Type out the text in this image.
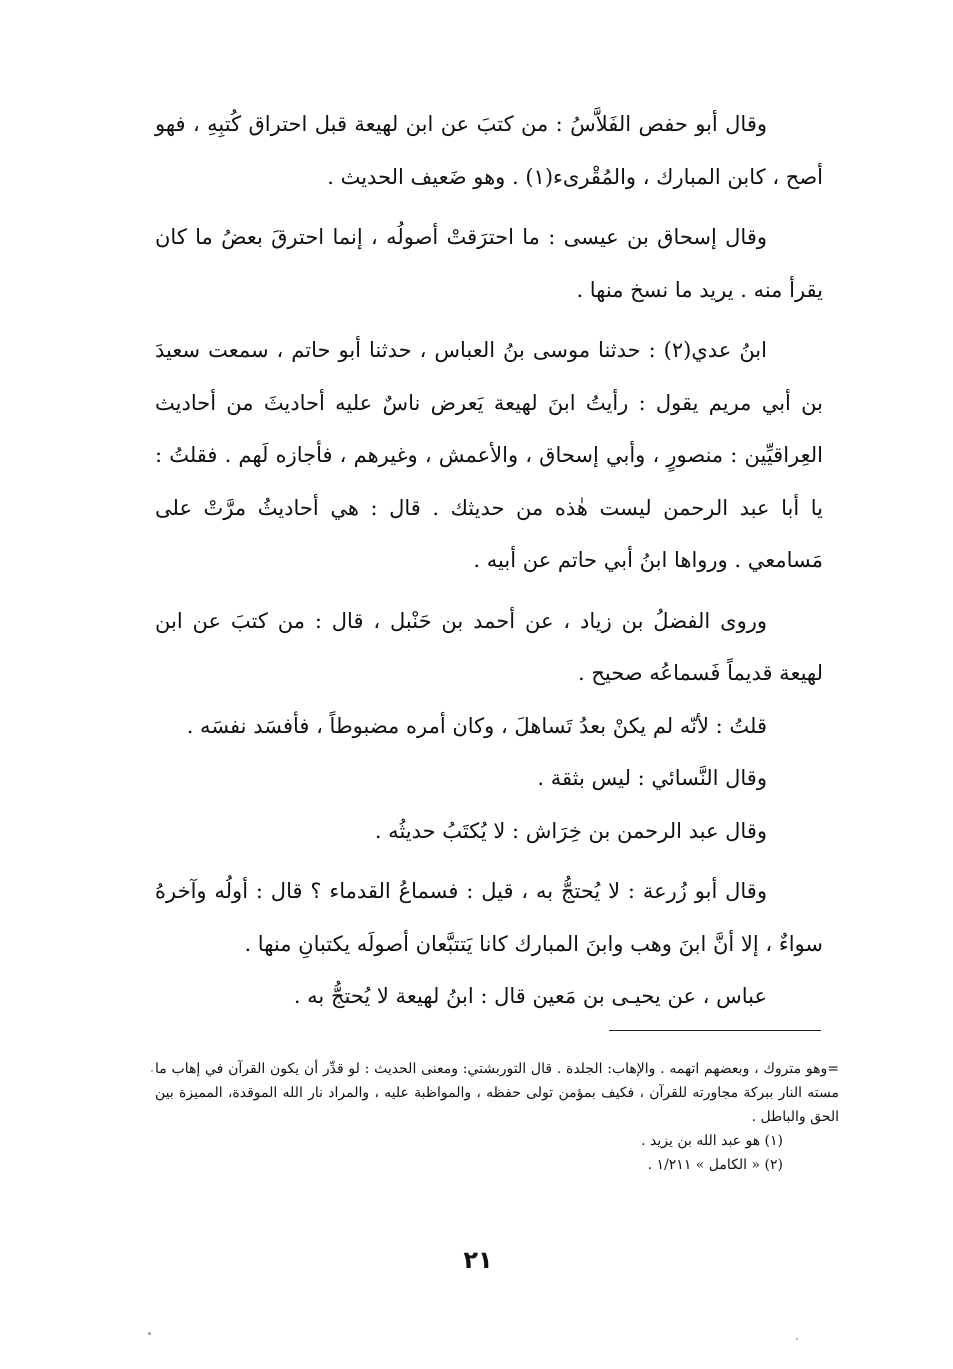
وقال أبو حفص الفَلاَّسُ : من كتبَ عن ابن لهيعة قبل احتراق كُتبِهِ ، فهو أصح ، كابن المبارك ، والمُقْرىء(١) . وهو ضَعيف الحديث .

وقال إسحاق بن عيسى : ما احترَقتْ أصولُه ، إنما احترقَ بعضُ ما كان يقرأ منه . يريد ما نسخ منها .

ابنُ عدي(٢) : حدثنا موسى بنُ العباس ، حدثنا أبو حاتم ، سمعت سعيدَ بن أبي مريم يقول : رأيتُ ابنَ لهيعة يَعرض ناسٌ عليه أحاديثَ من أحاديث العِراقيِّين : منصورٍ ، وأبي إسحاق ، والأعمش ، وغيرهم ، فأجازه لَهم . فقلتُ : يا أبا عبد الرحمن ليست هٰذه من حديثك . قال : هي أحاديثُ مرَّتْ على مَسامعي . ورواها ابنُ أبي حاتم عن أبيه .

وروى الفضلُ بن زياد ، عن أحمد بن حَنْبل ، قال : من كتبَ عن ابن لهيعة قديماً فَسماعُه صحيح .

قلتُ : لأنّه لم يكنْ بعدُ تَساهلَ ، وكان أمره مضبوطاً ، فأفسَد نفسَه .

وقال النَّسائي : ليس بثقة .

وقال عبد الرحمن بن خِرَاش : لا يُكتَبُ حديثُه .

وقال أبو زُرعة : لا يُحتجُّ به ، قيل : فسماعُ القدماء ؟ قال : أولُه وآخرهُ سواءٌ ، إلا أنَّ ابنَ وهب وابنَ المبارك كانا يَتتبَّعان أصولَه يكتبانِ منها .

عباس ، عن يحيـى بن مَعين قال : ابنُ لهيعة لا يُحتجُّ به .

=وهو متروك ، وبعضهم اتهمه . والإهاب: الجلدة . قال التوربشتي: ومعنى الحديث : لو قدِّر أن يكون القرآن في إهاب ما مسته النار ببركة مجاورته للقرآن ، فكيف بمؤمن تولى حفظه ، والمواظبة عليه ، والمراد نار الله الموقدة، المميزة بين الحق والباطل .

(١) هو عبد الله بن يزيد .

(٢) « الكامل » ١/٢١١ .

٢١
